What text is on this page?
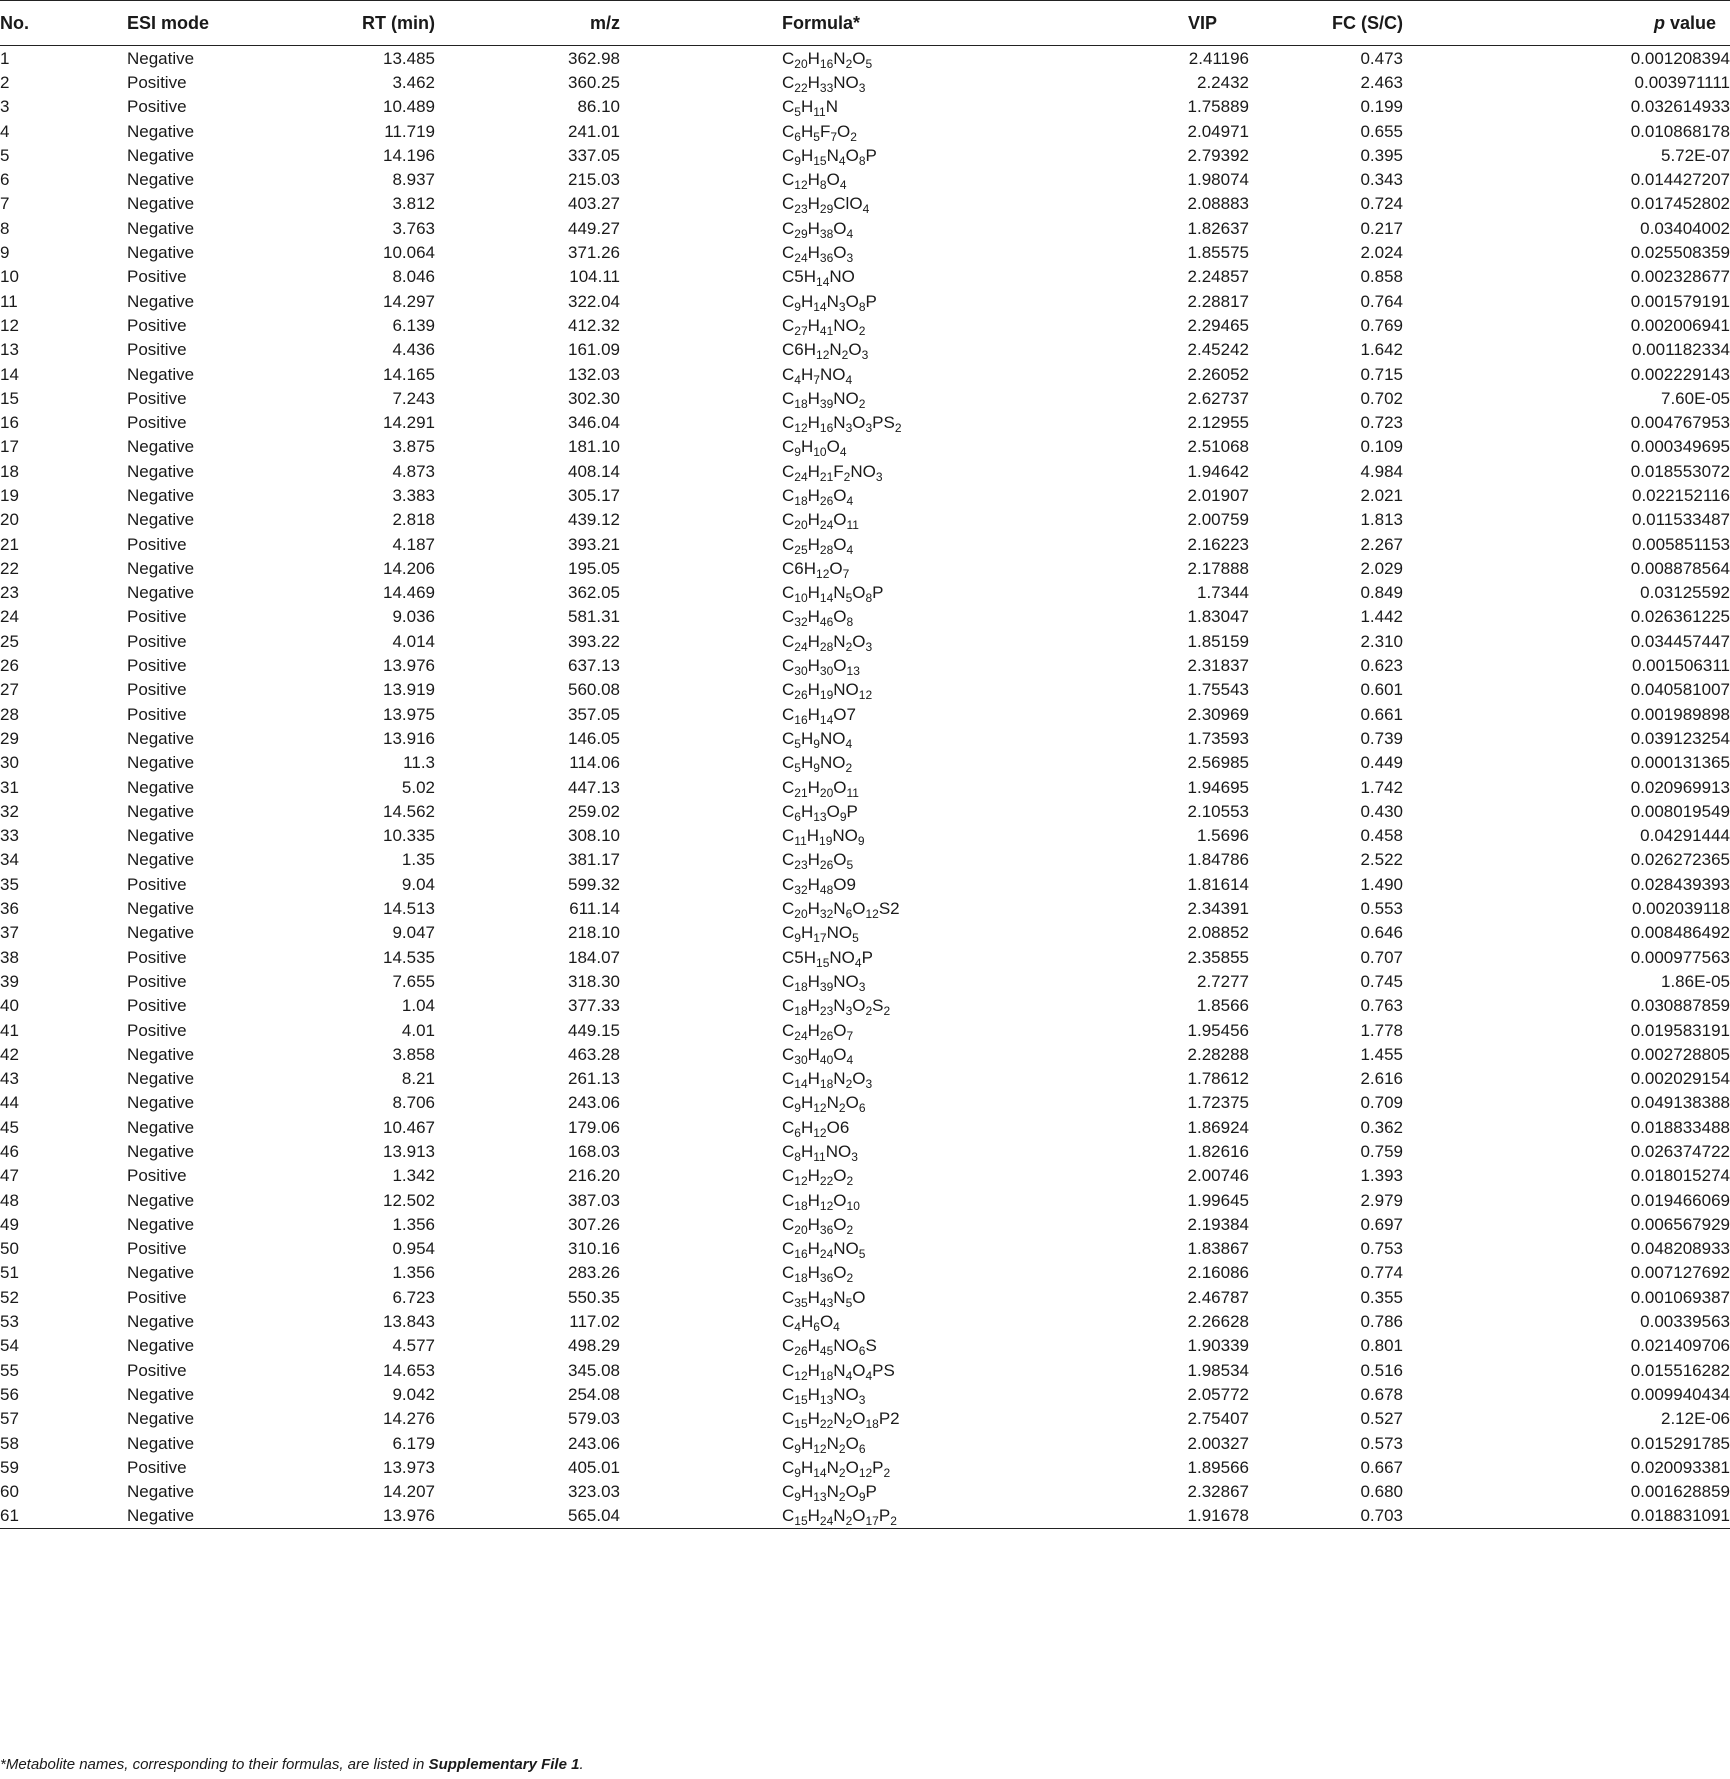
No.	ESI mode	RT (min)	m/z	Formula*	VIP	FC (S/C)	p value
1	Negative	13.485	362.98	$C_{20}H_{16}N_2O_5$	2.41196	0.473	0.001208394
2	Positive	3.462	360.25	$C_{22}H_{33}NO_3$	2.2432	2.463	0.003971111
3	Positive	10.489	86.10	$C_5H_{11}N$	1.75889	0.199	0.032614933
4	Negative	11.719	241.01	$C_6H_5F_7O_2$	2.04971	0.655	0.010868178
5	Negative	14.196	337.05	$C_9H_{15}N_4O_8P$	2.79392	0.395	5.72E-07
6	Negative	8.937	215.03	$C_{12}H_8O_4$	1.98074	0.343	0.014427207
7	Negative	3.812	403.27	$C_{23}H_{29}ClO_4$	2.08883	0.724	0.017452802
8	Negative	3.763	449.27	$C_{29}H_{38}O_4$	1.82637	0.217	0.03404002
9	Negative	10.064	371.26	$C_{24}H_{36}O_3$	1.85575	2.024	0.025508359
10	Positive	8.046	104.11	$C5H_{14}NO$	2.24857	0.858	0.002328677
11	Negative	14.297	322.04	$C_9H_{14}N_3O_8P$	2.28817	0.764	0.001579191
12	Positive	6.139	412.32	$C_{27}H_{41}NO_2$	2.29465	0.769	0.002006941
13	Positive	4.436	161.09	$C6H_{12}N_2O_3$	2.45242	1.642	0.001182334
14	Negative	14.165	132.03	$C_4H_7NO_4$	2.26052	0.715	0.002229143
15	Positive	7.243	302.30	$C_{18}H_{39}NO_2$	2.62737	0.702	7.60E-05
16	Positive	14.291	346.04	$C_{12}H_{16}N_3O_3PS_2$	2.12955	0.723	0.004767953
17	Negative	3.875	181.10	$C_9H_{10}O_4$	2.51068	0.109	0.000349695
18	Negative	4.873	408.14	$C_{24}H_{21}F_2NO_3$	1.94642	4.984	0.018553072
19	Negative	3.383	305.17	$C_{18}H_{26}O_4$	2.01907	2.021	0.022152116
20	Negative	2.818	439.12	$C_{20}H_{24}O_{11}$	2.00759	1.813	0.011533487
21	Positive	4.187	393.21	$C_{25}H_{28}O_4$	2.16223	2.267	0.005851153
22	Negative	14.206	195.05	$C6H_{12}O_7$	2.17888	2.029	0.008878564
23	Negative	14.469	362.05	$C_{10}H_{14}N_5O_8P$	1.7344	0.849	0.03125592
24	Positive	9.036	581.31	$C_{32}H_{46}O_8$	1.83047	1.442	0.026361225
25	Positive	4.014	393.22	$C_{24}H_{28}N_2O_3$	1.85159	2.310	0.034457447
26	Positive	13.976	637.13	$C_{30}H_{30}O_{13}$	2.31837	0.623	0.001506311
27	Positive	13.919	560.08	$C_{26}H_{19}NO_{12}$	1.75543	0.601	0.040581007
28	Positive	13.975	357.05	$C_{16}H_{14}O7$	2.30969	0.661	0.001989898
29	Negative	13.916	146.05	$C_5H_9NO_4$	1.73593	0.739	0.039123254
30	Negative	11.3	114.06	$C_5H_9NO_2$	2.56985	0.449	0.000131365
31	Negative	5.02	447.13	$C_{21}H_{20}O_{11}$	1.94695	1.742	0.020969913
32	Negative	14.562	259.02	$C_6H_{13}O_9P$	2.10553	0.430	0.008019549
33	Negative	10.335	308.10	$C_{11}H_{19}NO_9$	1.5696	0.458	0.04291444
34	Negative	1.35	381.17	$C_{23}H_{26}O_5$	1.84786	2.522	0.026272365
35	Positive	9.04	599.32	$C_{32}H_{48}O9$	1.81614	1.490	0.028439393
36	Negative	14.513	611.14	$C_{20}H_{32}N_6O_{12}S2$	2.34391	0.553	0.002039118
37	Negative	9.047	218.10	$C_9H_{17}NO_5$	2.08852	0.646	0.008486492
38	Positive	14.535	184.07	$C5H_{15}NO_4P$	2.35855	0.707	0.000977563
39	Positive	7.655	318.30	$C_{18}H_{39}NO_3$	2.7277	0.745	1.86E-05
40	Positive	1.04	377.33	$C_{18}H_{23}N_3O_2S_2$	1.8566	0.763	0.030887859
41	Positive	4.01	449.15	$C_{24}H_{26}O_7$	1.95456	1.778	0.019583191
42	Negative	3.858	463.28	$C_{30}H_{40}O_4$	2.28288	1.455	0.002728805
43	Negative	8.21	261.13	$C_{14}H_{18}N_2O_3$	1.78612	2.616	0.002029154
44	Negative	8.706	243.06	$C_9H_{12}N_2O_6$	1.72375	0.709	0.049138388
45	Negative	10.467	179.06	$C_6H_{12}O6$	1.86924	0.362	0.018833488
46	Negative	13.913	168.03	$C_8H_{11}NO_3$	1.82616	0.759	0.026374722
47	Positive	1.342	216.20	$C_{12}H_{22}O_2$	2.00746	1.393	0.018015274
48	Negative	12.502	387.03	$C_{18}H_{12}O_{10}$	1.99645	2.979	0.019466069
49	Negative	1.356	307.26	$C_{20}H_{36}O_2$	2.19384	0.697	0.006567929
50	Positive	0.954	310.16	$C_{16}H_{24}NO_5$	1.83867	0.753	0.048208933
51	Negative	1.356	283.26	$C_{18}H_{36}O_2$	2.16086	0.774	0.007127692
52	Positive	6.723	550.35	$C_{35}H_{43}N_5O$	2.46787	0.355	0.001069387
53	Negative	13.843	117.02	$C_4H_6O_4$	2.26628	0.786	0.00339563
54	Negative	4.577	498.29	$C_{26}H_{45}NO_6S$	1.90339	0.801	0.021409706
55	Positive	14.653	345.08	$C_{12}H_{18}N_4O_4PS$	1.98534	0.516	0.015516282
56	Negative	9.042	254.08	$C_{15}H_{13}NO_3$	2.05772	0.678	0.009940434
57	Negative	14.276	579.03	$C_{15}H_{22}N_2O_{18}P2$	2.75407	0.527	2.12E-06
58	Negative	6.179	243.06	$C_9H_{12}N_2O_6$	2.00327	0.573	0.015291785
59	Positive	13.973	405.01	$C_9H_{14}N_2O_{12}P_2$	1.89566	0.667	0.020093381
60	Negative	14.207	323.03	$C_9H_{13}N_2O_9P$	2.32867	0.680	0.001628859
61	Negative	13.976	565.04	$C_{15}H_{24}N_2O_{17}P_2$	1.91678	0.703	0.018831091
*Metabolite names, corresponding to their formulas, are listed in Supplementary File 1.
